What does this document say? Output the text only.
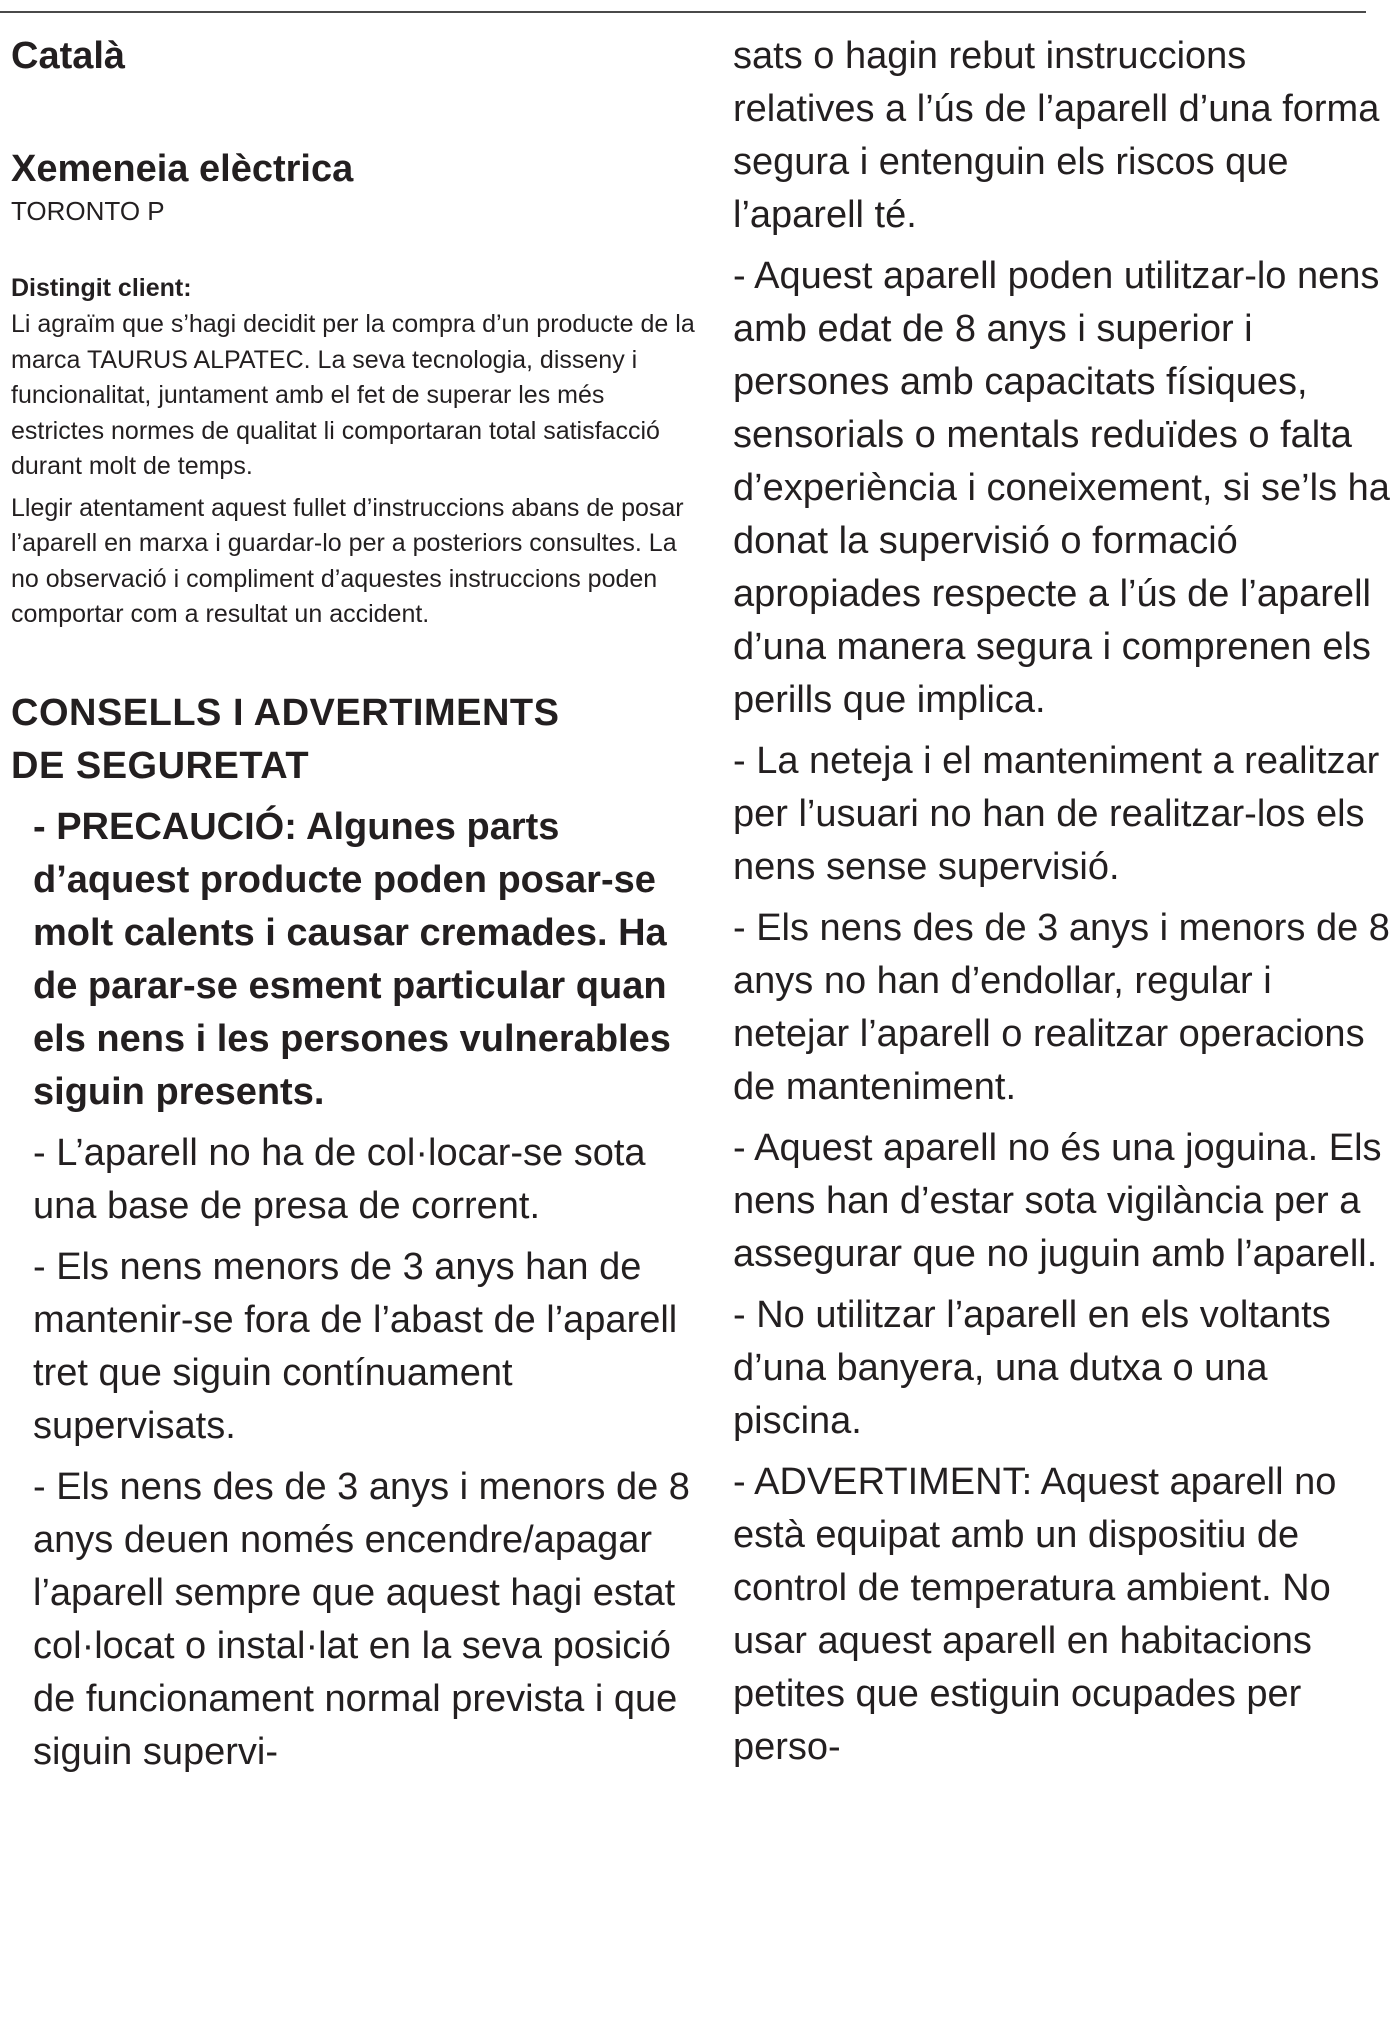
Català
Xemeneia elèctrica
TORONTO P
Distingit client:

Li agraïm que s’hagi decidit per la compra d’un producte de la marca TAURUS ALPATEC. La seva tecnologia, disseny i funcionalitat, juntament amb el fet de superar les més estrictes normes de qualitat li comportaran total satisfacció durant molt de temps.

Llegir atentament aquest fullet d’instruccions abans de posar l’aparell en marxa i guardar-lo per a posteriors consultes. La no observació i compliment d’aquestes instruccions poden comportar com a resultat un accident.

CONSELLS I ADVERTIMENTS DE SEGURETAT

- PRECAUCIÓ: Algunes parts d’aquest producte poden posar-se molt calents i causar cremades. Ha de parar-se esment particular quan els nens i les persones vulnerables siguin presents.

- L’aparell no ha de col·locar-se sota una base de presa de corrent.

- Els nens menors de 3 anys han de mantenir-se fora de l’abast de l’aparell tret que siguin contínuament supervisats.

- Els nens des de 3 anys i menors de 8 anys deuen només encendre/apagar l’aparell sempre que aquest hagi estat col·locat o instal·lat en la seva posició de funcionament normal prevista i que siguin supervi-

sats o hagin rebut instruccions relatives a l’ús de l’aparell d’una forma segura i entenguin els riscos que l’aparell té.

- Aquest aparell poden utilitzar-lo nens amb edat de 8 anys i superior i persones amb capacitats físiques, sensorials o mentals reduïdes o falta d’experiència i coneixement, si se’ls ha donat la supervisió o formació apropiades respecte a l’ús de l’aparell d’una manera segura i comprenen els perills que implica.

- La neteja i el manteniment a realitzar per l’usuari no han de realitzar-los els nens sense supervisió.

- Els nens des de 3 anys i menors de 8 anys no han d’endollar, regular i netejar l’aparell o realitzar operacions de manteniment.

- Aquest aparell no és una joguina. Els nens han d’estar sota vigilància per a assegurar que no juguin amb l’aparell.

- No utilitzar l’aparell en els voltants d’una banyera, una dutxa o una piscina.

- ADVERTIMENT: Aquest aparell no està equipat amb un dispositiu de control de temperatura ambient. No usar aquest aparell en habitacions petites que estiguin ocupades per perso-
